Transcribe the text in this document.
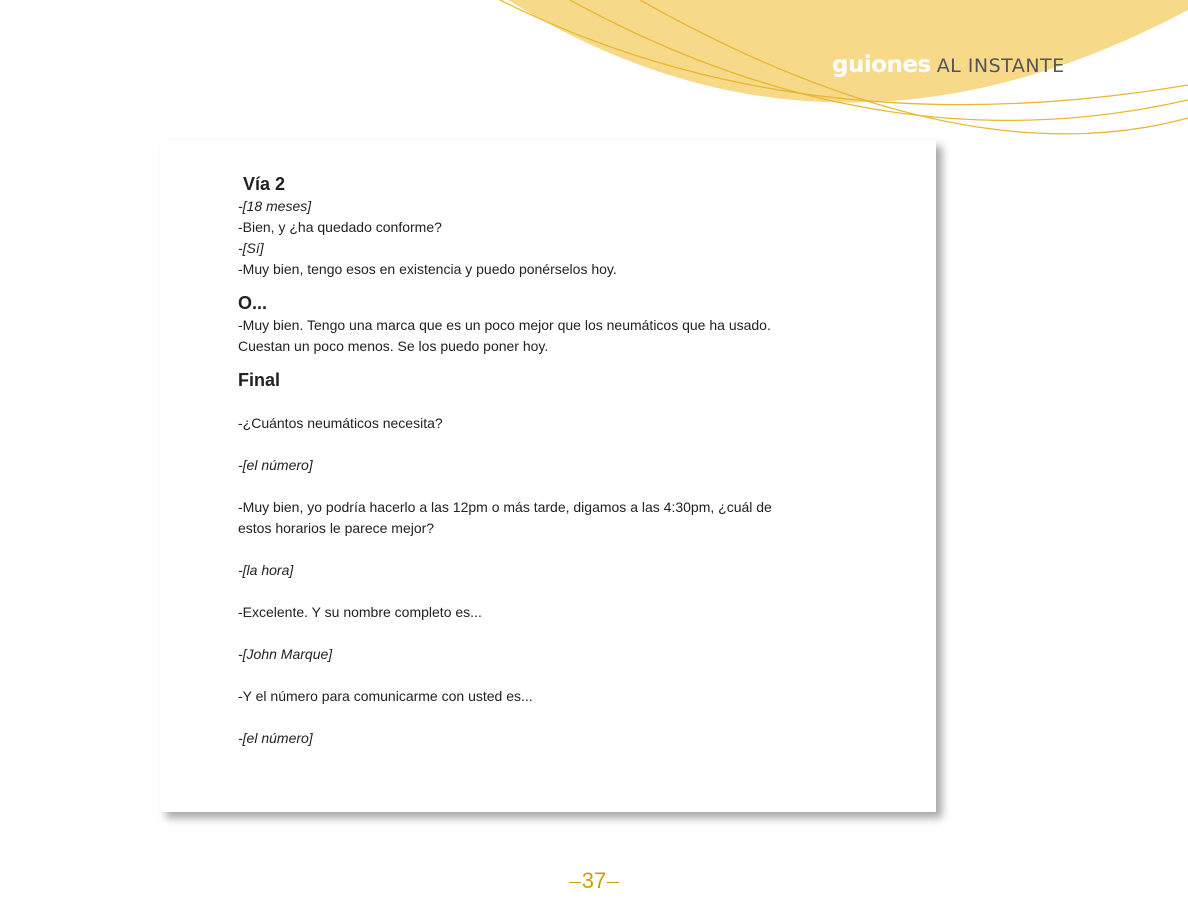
guiones AL INSTANTE

Vía 2

-[18 meses]

-Bien, y ¿ha quedado conforme?

-[Sí]

-Muy bien, tengo esos en existencia y puedo ponérselos hoy.

O...

-Muy bien. Tengo una marca que es un poco mejor que los neumáticos que ha usado.

Cuestan un poco menos. Se los puedo poner hoy.

Final

-¿Cuántos neumáticos necesita?

-[el número]

-Muy bien, yo podría hacerlo a las 12pm o más tarde, digamos a las 4:30pm, ¿cuál de

estos horarios le parece mejor?

-[la hora]

-Excelente. Y su nombre completo es...

-[John Marque]

-Y el número para comunicarme con usted es...

-[el número]

37
